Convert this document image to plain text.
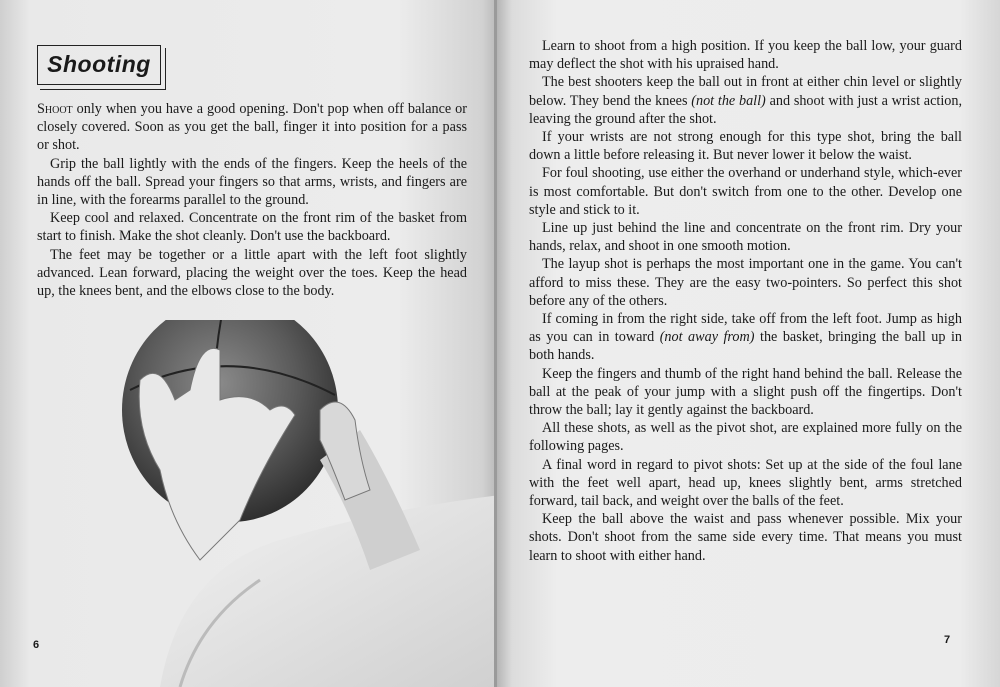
Shooting

Shoot only when you have a good opening. Don't pop when off balance or closely covered. Soon as you get the ball, finger it into position for a pass or shot.

Grip the ball lightly with the ends of the fingers. Keep the heels of the hands off the ball. Spread your fingers so that arms, wrists, and fingers are in line, with the forearms parallel to the ground.

Keep cool and relaxed. Concentrate on the front rim of the basket from start to finish. Make the shot cleanly. Don't use the backboard.

The feet may be together or a little apart with the left foot slightly advanced. Lean forward, placing the weight over the toes. Keep the head up, the knees bent, and the elbows close to the body.

6

Learn to shoot from a high position. If you keep the ball low, your guard may deflect the shot with his upraised hand.

The best shooters keep the ball out in front at either chin level or slightly below. They bend the knees (not the ball) and shoot with just a wrist action, leaving the ground after the shot.

If your wrists are not strong enough for this type shot, bring the ball down a little before releasing it. But never lower it below the waist.

For foul shooting, use either the overhand or underhand style, which-ever is most comfortable. But don't switch from one to the other. Develop one style and stick to it.

Line up just behind the line and concentrate on the front rim. Dry your hands, relax, and shoot in one smooth motion.

The layup shot is perhaps the most important one in the game. You can't afford to miss these. They are the easy two-pointers. So perfect this shot before any of the others.

If coming in from the right side, take off from the left foot. Jump as high as you can in toward (not away from) the basket, bringing the ball up in both hands.

Keep the fingers and thumb of the right hand behind the ball. Release the ball at the peak of your jump with a slight push off the fingertips. Don't throw the ball; lay it gently against the backboard.

All these shots, as well as the pivot shot, are explained more fully on the following pages.

A final word in regard to pivot shots: Set up at the side of the foul lane with the feet well apart, head up, knees slightly bent, arms stretched forward, tail back, and weight over the balls of the feet.

Keep the ball above the waist and pass whenever possible. Mix your shots. Don't shoot from the same side every time. That means you must learn to shoot with either hand.

7
